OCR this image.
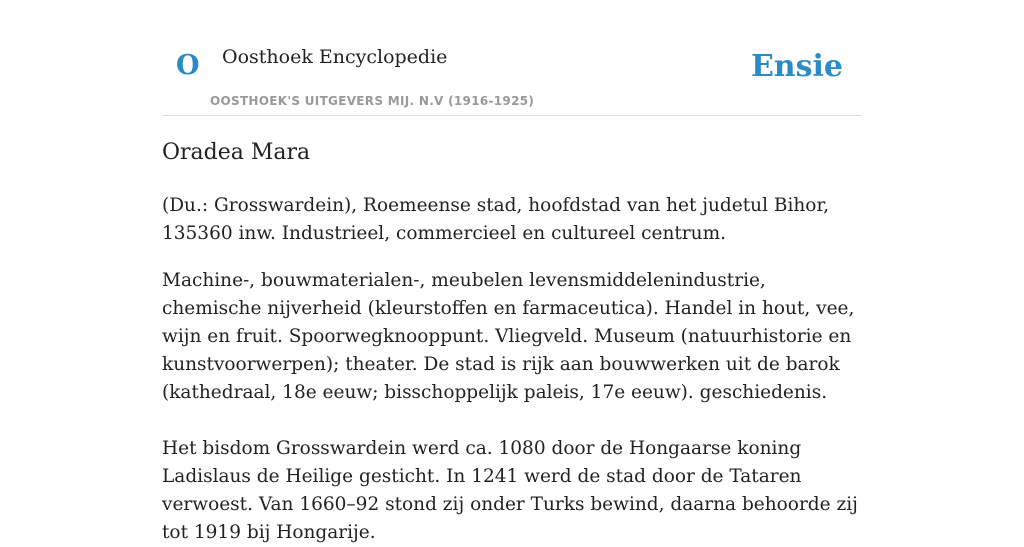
O Oosthoek Encyclopedie
OOSTHOEK'S UITGEVERS MIJ. N.V (1916-1925)
Ensie
Oradea Mara

(Du.: Grosswardein), Roemeense stad, hoofdstad van het judetul Bihor, 135360 inw. Industrieel, commercieel en cultureel centrum.

Machine-, bouwmaterialen-, meubelen levensmiddelenindustrie, chemische nijverheid (kleurstoffen en farmaceutica). Handel in hout, vee, wijn en fruit. Spoorwegknooppunt. Vliegveld. Museum (natuurhistorie en kunstvoorwerpen); theater. De stad is rijk aan bouwwerken uit de barok (kathedraal, 18e eeuw; bisschoppelijk paleis, 17e eeuw). geschiedenis.

Het bisdom Grosswardein werd ca. 1080 door de Hongaarse koning Ladislaus de Heilige gesticht. In 1241 werd de stad door de Tataren verwoest. Van 1660–92 stond zij onder Turks bewind, daarna behoorde zij tot 1919 bij Hongarije.
